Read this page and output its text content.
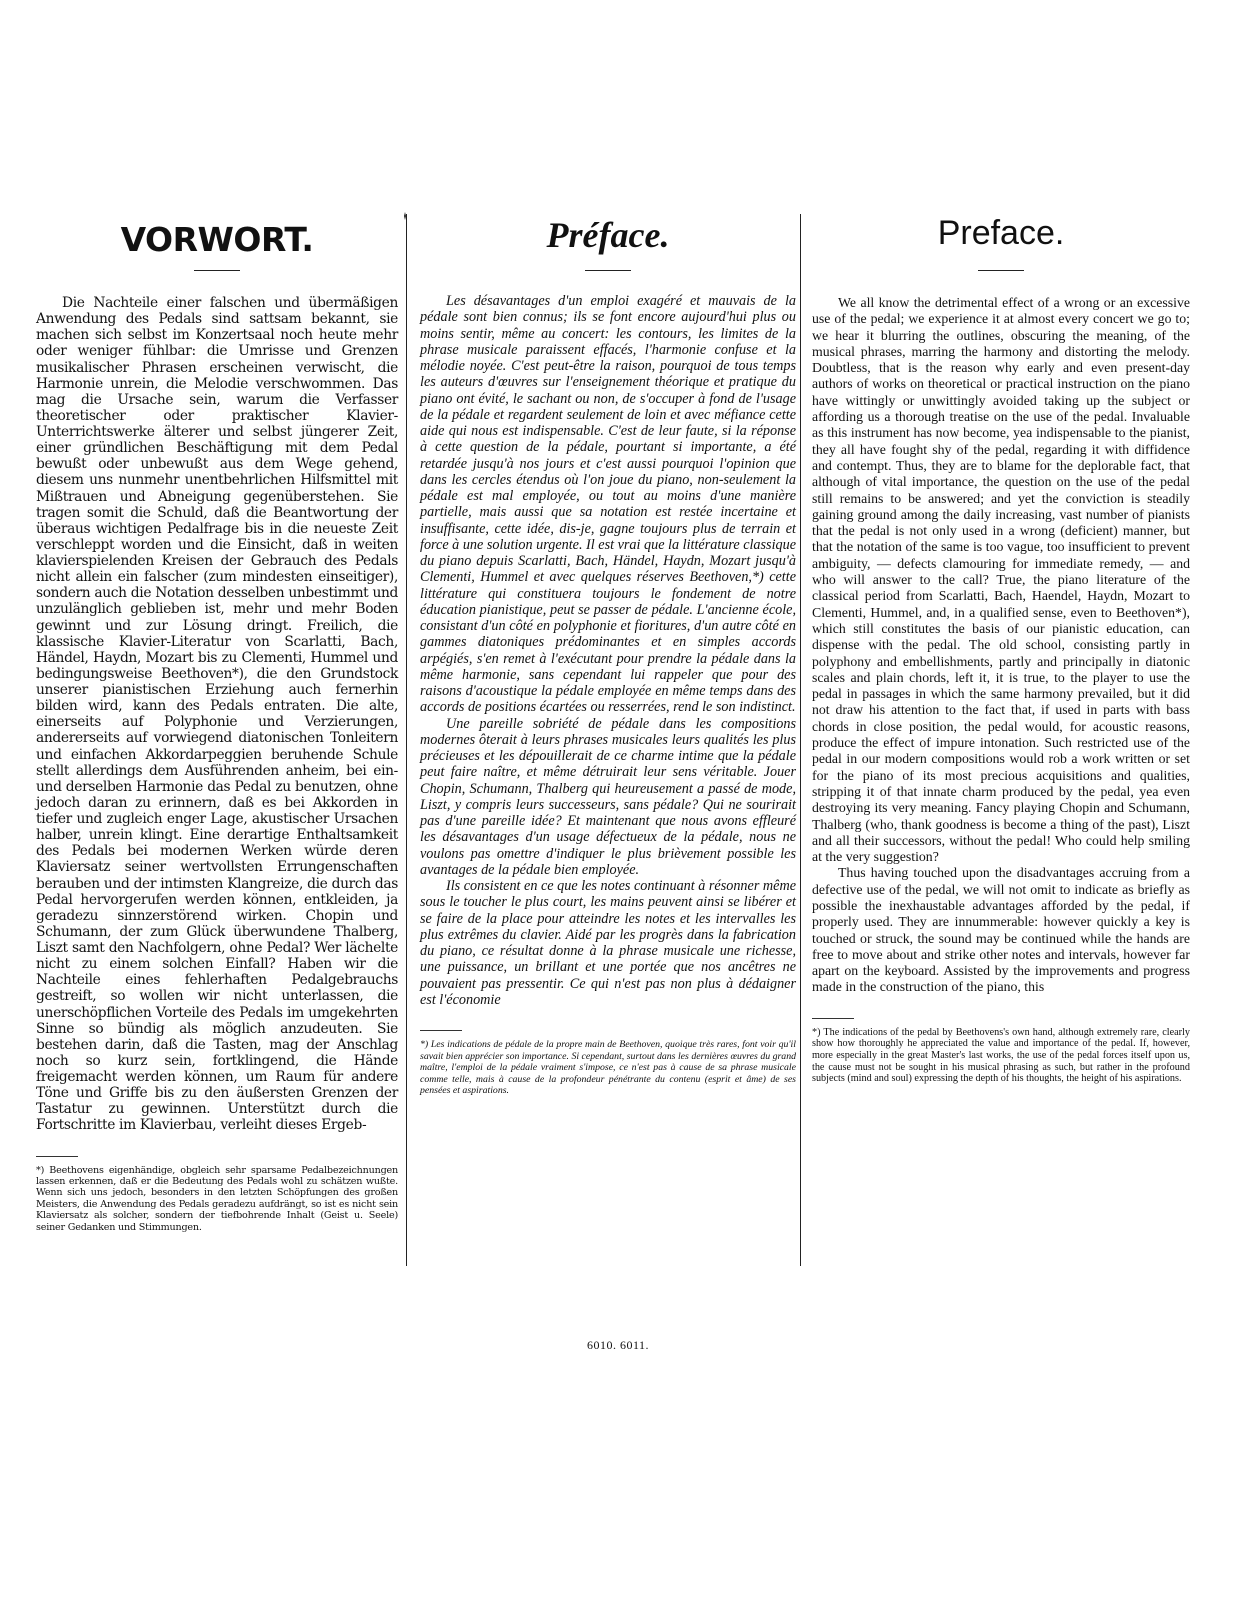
VORWORT.

Die Nachteile einer falschen und übermäßigen Anwendung des Pedals sind sattsam bekannt, sie machen sich selbst im Konzertsaal noch heute mehr oder weniger fühlbar: die Umrisse und Grenzen musikalischer Phrasen erscheinen verwischt, die Harmonie unrein, die Melodie verschwommen. Das mag die Ursache sein, warum die Verfasser theoretischer oder praktischer Klavier-Unterrichtswerke älterer und selbst jüngerer Zeit, einer gründlichen Beschäftigung mit dem Pedal bewußt oder unbewußt aus dem Wege gehend, diesem uns nunmehr unentbehrlichen Hilfsmittel mit Mißtrauen und Abneigung gegenüberstehen. Sie tragen somit die Schuld, daß die Beantwortung der überaus wichtigen Pedalfrage bis in die neueste Zeit verschleppt worden und die Einsicht, daß in weiten klavierspielenden Kreisen der Gebrauch des Pedals nicht allein ein falscher (zum mindesten einseitiger), sondern auch die Notation desselben unbestimmt und unzulänglich geblieben ist, mehr und mehr Boden gewinnt und zur Lösung dringt. Freilich, die klassische Klavier-Literatur von Scarlatti, Bach, Händel, Haydn, Mozart bis zu Clementi, Hummel und bedingungsweise Beethoven*), die den Grundstock unserer pianistischen Erziehung auch fernerhin bilden wird, kann des Pedals entraten. Die alte, einerseits auf Polyphonie und Verzierungen, andererseits auf vorwiegend diatonischen Tonleitern und einfachen Akkordarpeggien beruhende Schule stellt allerdings dem Ausführenden anheim, bei ein- und derselben Harmonie das Pedal zu benutzen, ohne jedoch daran zu erinnern, daß es bei Akkorden in tiefer und zugleich enger Lage, akustischer Ursachen halber, unrein klingt. Eine derartige Enthaltsamkeit des Pedals bei modernen Werken würde deren Klaviersatz seiner wertvollsten Errungenschaften berauben und der intimsten Klangreize, die durch das Pedal hervorgerufen werden können, entkleiden, ja geradezu sinnzerstörend wirken. Chopin und Schumann, der zum Glück überwundene Thalberg, Liszt samt den Nachfolgern, ohne Pedal? Wer lächelte nicht zu einem solchen Einfall? Haben wir die Nachteile eines fehlerhaften Pedalgebrauchs gestreift, so wollen wir nicht unterlassen, die unerschöpflichen Vorteile des Pedals im umgekehrten Sinne so bündig als möglich anzudeuten. Sie bestehen darin, daß die Tasten, mag der Anschlag noch so kurz sein, fortklingend, die Hände freigemacht werden können, um Raum für andere Töne und Griffe bis zu den äußersten Grenzen der Tastatur zu gewinnen. Unterstützt durch die Fortschritte im Klavierbau, verleiht dieses Ergeb-

*) Beethovens eigenhändige, obgleich sehr sparsame Pedalbezeichnungen lassen erkennen, daß er die Bedeutung des Pedals wohl zu schätzen wußte. Wenn sich uns jedoch, besonders in den letzten Schöpfungen des großen Meisters, die Anwendung des Pedals geradezu aufdrängt, so ist es nicht sein Klaviersatz als solcher, sondern der tiefbohrende Inhalt (Geist u. Seele) seiner Gedanken und Stimmungen.
Préface.

Les désavantages d'un emploi exagéré et mauvais de la pédale sont bien connus; ils se font encore aujourd'hui plus ou moins sentir, même au concert: les contours, les limites de la phrase musicale paraissent effacés, l'harmonie confuse et la mélodie noyée. C'est peut-être la raison, pourquoi de tous temps les auteurs d'œuvres sur l'enseignement théorique et pratique du piano ont évité, le sachant ou non, de s'occuper à fond de l'usage de la pédale et regardent seulement de loin et avec méfiance cette aide qui nous est indispensable. C'est de leur faute, si la réponse à cette question de la pédale, pourtant si importante, a été retardée jusqu'à nos jours et c'est aussi pourquoi l'opinion que dans les cercles étendus où l'on joue du piano, non-seulement la pédale est mal employée, ou tout au moins d'une manière partielle, mais aussi que sa notation est restée incertaine et insuffisante, cette idée, dis-je, gagne toujours plus de terrain et force à une solution urgente. Il est vrai que la littérature classique du piano depuis Scarlatti, Bach, Händel, Haydn, Mozart jusqu'à Clementi, Hummel et avec quelques réserves Beethoven,*) cette littérature qui constituera toujours le fondement de notre éducation pianistique, peut se passer de pédale. L'ancienne école, consistant d'un côté en polyphonie et fioritures, d'un autre côté en gammes diatoniques prédominantes et en simples accords arpégiés, s'en remet à l'exécutant pour prendre la pédale dans la même harmonie, sans cependant lui rappeler que pour des raisons d'acoustique la pédale employée en même temps dans des accords de positions écartées ou resserrées, rend le son indistinct.

Une pareille sobriété de pédale dans les compositions modernes ôterait à leurs phrases musicales leurs qualités les plus précieuses et les dépouillerait de ce charme intime que la pédale peut faire naître, et même détruirait leur sens véritable. Jouer Chopin, Schumann, Thalberg qui heureusement a passé de mode, Liszt, y compris leurs successeurs, sans pédale? Qui ne sourirait pas d'une pareille idée? Et maintenant que nous avons effleuré les désavantages d'un usage défectueux de la pédale, nous ne voulons pas omettre d'indiquer le plus brièvement possible les avantages de la pédale bien employée.

Ils consistent en ce que les notes continuant à résonner même sous le toucher le plus court, les mains peuvent ainsi se libérer et se faire de la place pour atteindre les notes et les intervalles les plus extrêmes du clavier. Aidé par les progrès dans la fabrication du piano, ce résultat donne à la phrase musicale une richesse, une puissance, un brillant et une portée que nos ancêtres ne pouvaient pas pressentir. Ce qui n'est pas non plus à dédaigner est l'économie

*) Les indications de pédale de la propre main de Beethoven, quoique très rares, font voir qu'il savait bien apprécier son importance. Si cependant, surtout dans les dernières œuvres du grand maître, l'emploi de la pédale vraiment s'impose, ce n'est pas à cause de sa phrase musicale comme telle, mais à cause de la profondeur pénétrante du contenu (esprit et âme) de ses pensées et aspirations.
Preface.

We all know the detrimental effect of a wrong or an excessive use of the pedal; we experience it at almost every concert we go to; we hear it blurring the outlines, obscuring the meaning, of the musical phrases, marring the harmony and distorting the melody. Doubtless, that is the reason why early and even present-day authors of works on theoretical or practical instruction on the piano have wittingly or unwittingly avoided taking up the subject or affording us a thorough treatise on the use of the pedal. Invaluable as this instrument has now become, yea indispensable to the pianist, they all have fought shy of the pedal, regarding it with diffidence and contempt. Thus, they are to blame for the deplorable fact, that although of vital importance, the question on the use of the pedal still remains to be answered; and yet the conviction is steadily gaining ground among the daily increasing, vast number of pianists that the pedal is not only used in a wrong (deficient) manner, but that the notation of the same is too vague, too insufficient to prevent ambiguity, — defects clamouring for immediate remedy, — and who will answer to the call? True, the piano literature of the classical period from Scarlatti, Bach, Haendel, Haydn, Mozart to Clementi, Hummel, and, in a qualified sense, even to Beethoven*), which still constitutes the basis of our pianistic education, can dispense with the pedal. The old school, consisting partly in polyphony and embellishments, partly and principally in diatonic scales and plain chords, left it, it is true, to the player to use the pedal in passages in which the same harmony prevailed, but it did not draw his attention to the fact that, if used in parts with bass chords in close position, the pedal would, for acoustic reasons, produce the effect of impure intonation. Such restricted use of the pedal in our modern compositions would rob a work written or set for the piano of its most precious acquisitions and qualities, stripping it of that innate charm produced by the pedal, yea even destroying its very meaning. Fancy playing Chopin and Schumann, Thalberg (who, thank goodness is become a thing of the past), Liszt and all their successors, without the pedal! Who could help smiling at the very suggestion?

Thus having touched upon the disadvantages accruing from a defective use of the pedal, we will not omit to indicate as briefly as possible the inexhaustable advantages afforded by the pedal, if properly used. They are innummerable: however quickly a key is touched or struck, the sound may be continued while the hands are free to move about and strike other notes and intervals, however far apart on the keyboard. Assisted by the improvements and progress made in the construction of the piano, this

*) The indications of the pedal by Beethovens's own hand, although extremely rare, clearly show how thoroughly he appreciated the value and importance of the pedal. If, however, more especially in the great Master's last works, the use of the pedal forces itself upon us, the cause must not be sought in his musical phrasing as such, but rather in the profound subjects (mind and soul) expressing the depth of his thoughts, the height of his aspirations.
6010. 6011.
